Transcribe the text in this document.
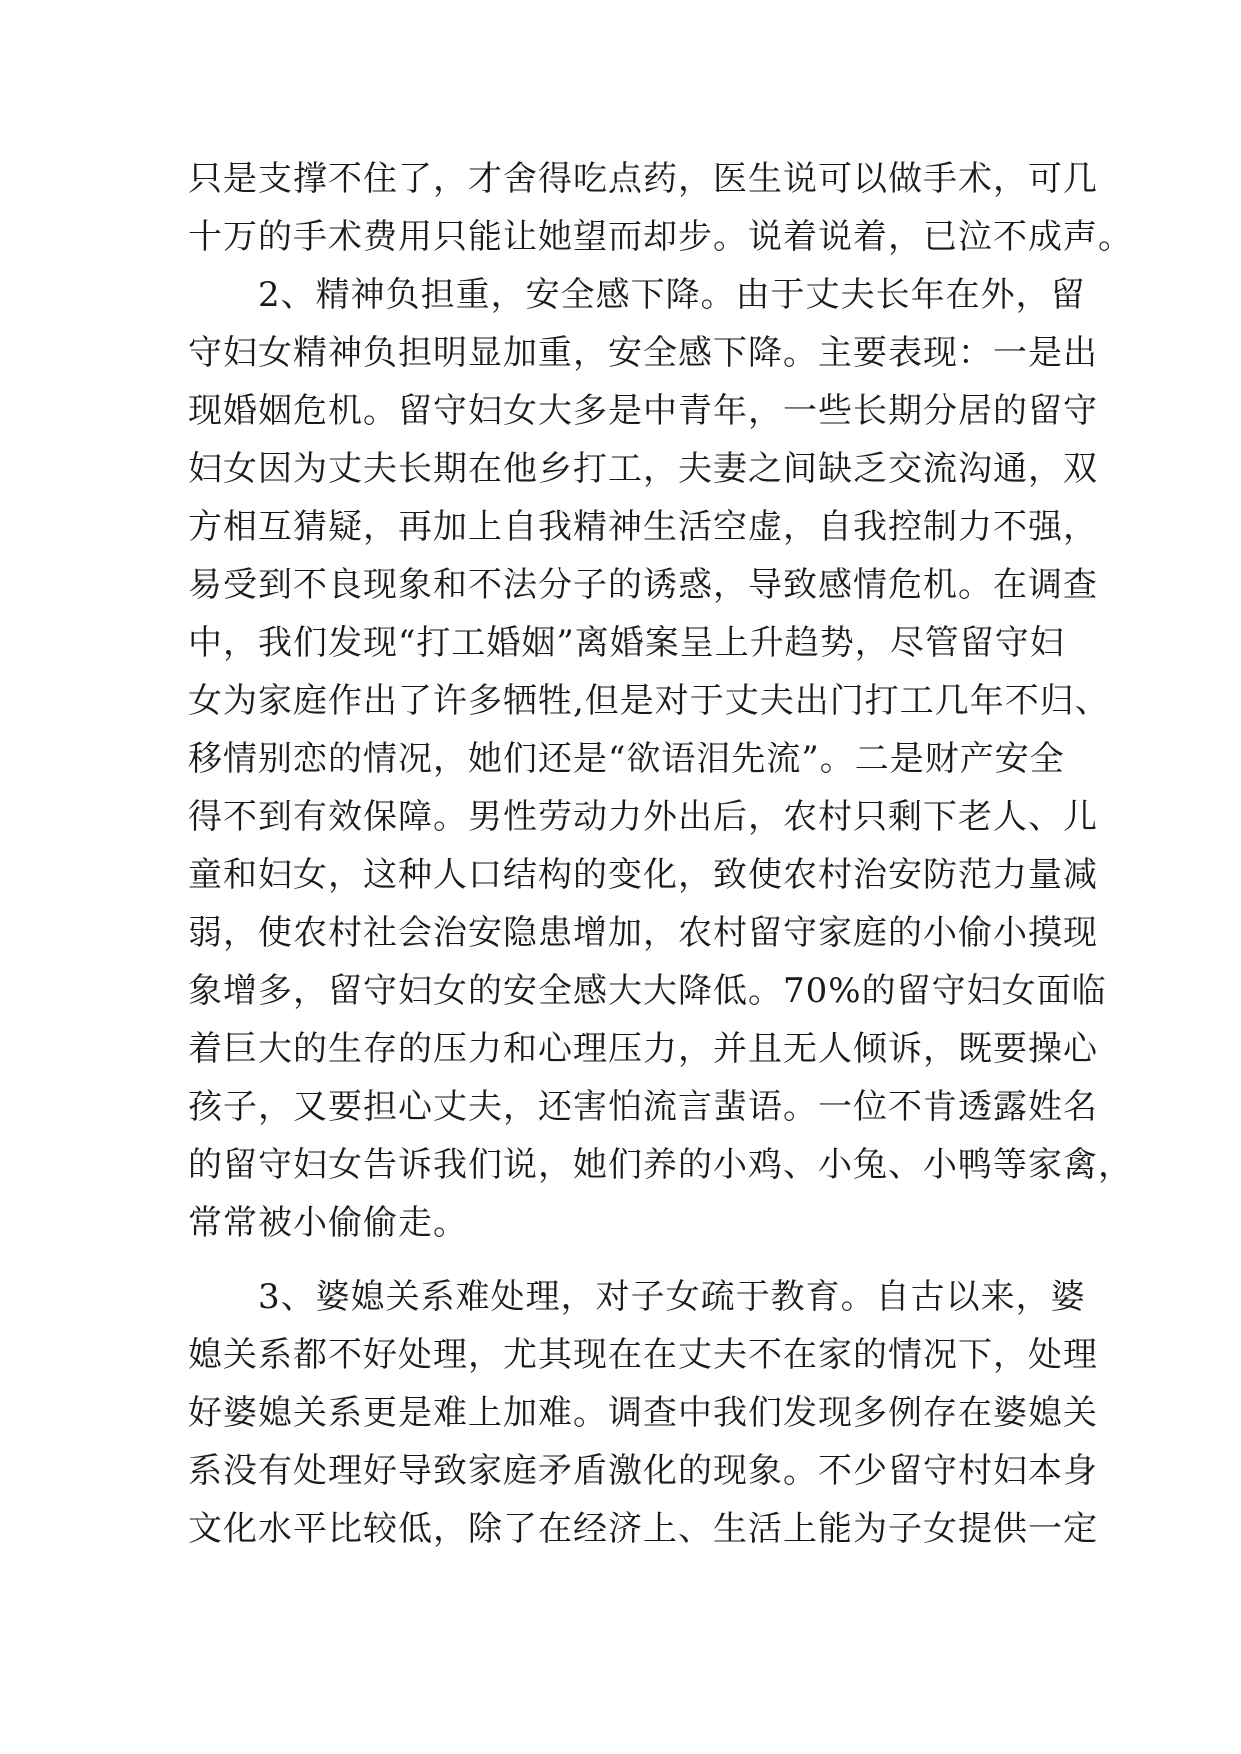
只是支撑不住了，才舍得吃点药，医生说可以做手术，可几
十万的手术费用只能让她望而却步。说着说着，已泣不成声。
2、精神负担重，安全感下降。由于丈夫长年在外，留
守妇女精神负担明显加重，安全感下降。主要表现：一是出
现婚姻危机。留守妇女大多是中青年，一些长期分居的留守
妇女因为丈夫长期在他乡打工，夫妻之间缺乏交流沟通，双
方相互猜疑，再加上自我精神生活空虚，自我控制力不强，
易受到不良现象和不法分子的诱惑，导致感情危机。在调查
中，我们发现“打工婚姻”离婚案呈上升趋势，尽管留守妇
女为家庭作出了许多牺牲,但是对于丈夫出门打工几年不归、
移情别恋的情况，她们还是“欲语泪先流”。二是财产安全
得不到有效保障。男性劳动力外出后，农村只剩下老人、儿
童和妇女，这种人口结构的变化，致使农村治安防范力量减
弱，使农村社会治安隐患增加，农村留守家庭的小偷小摸现
象增多，留守妇女的安全感大大降低。70%的留守妇女面临
着巨大的生存的压力和心理压力，并且无人倾诉，既要操心
孩子，又要担心丈夫，还害怕流言蜚语。一位不肯透露姓名
的留守妇女告诉我们说，她们养的小鸡、小兔、小鸭等家禽，
常常被小偷偷走。
3、婆媳关系难处理，对子女疏于教育。自古以来，婆
媳关系都不好处理，尤其现在在丈夫不在家的情况下，处理
好婆媳关系更是难上加难。调查中我们发现多例存在婆媳关
系没有处理好导致家庭矛盾激化的现象。不少留守村妇本身
文化水平比较低，除了在经济上、生活上能为子女提供一定
